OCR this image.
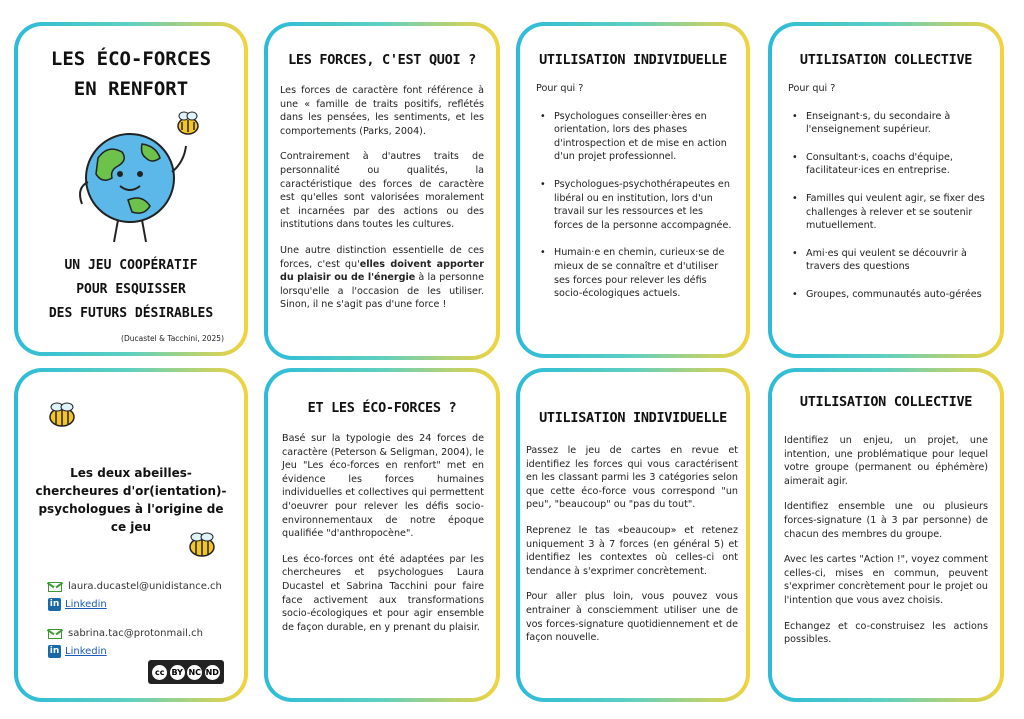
LES ÉCO-FORCES
EN RENFORT
UN JEU COOPÉRATIF
POUR ESQUISSER
DES FUTURS DÉSIRABLES
(Ducastel & Tacchini, 2025)
LES FORCES, C'EST QUOI ?

Les forces de caractère font référence à une « famille de traits positifs, reflétés dans les pensées, les sentiments, et les comportements (Parks, 2004).

Contrairement à d'autres traits de personnalité ou qualités, la caractéristique des forces de caractère est qu'elles sont valorisées moralement et incarnées par des actions ou des institutions dans toutes les cultures.

Une autre distinction essentielle de ces forces, c'est qu'elles doivent apporter du plaisir ou de l'énergie à la personne lorsqu'elle a l'occasion de les utiliser. Sinon, il ne s'agit pas d'une force !

UTILISATION INDIVIDUELLE
Pour qui ?
• Psychologues conseiller·ères en orientation, lors des phases d'introspection et de mise en action d'un projet professionnel.
• Psychologues-psychothérapeutes en libéral ou en institution, lors d'un travail sur les ressources et les forces de la personne accompagnée.
• Humain·e en chemin, curieux·se de mieux de se connaître et d'utiliser ses forces pour relever les défis socio-écologiques actuels.
UTILISATION COLLECTIVE
Pour qui ?
• Enseignant·s, du secondaire à l'enseignement supérieur.
• Consultant·s, coachs d'équipe, facilitateur·ices en entreprise.
• Familles qui veulent agir, se fixer des challenges à relever et se soutenir mutuellement.
• Ami·es qui veulent se découvrir à travers des questions
• Groupes, communautés auto-gérées
Les deux abeilles-chercheures d'or(ientation)-psychologues à l'origine de ce jeu
laura.ducastel@unidistance.ch
in Linkedin
sabrina.tac@protonmail.ch
in Linkedin
cc BY NC ND
ET LES ÉCO-FORCES ?

Basé sur la typologie des 24 forces de caractère (Peterson & Seligman, 2004), le Jeu "Les éco-forces en renfort" met en évidence les forces humaines individuelles et collectives qui permettent d'oeuvrer pour relever les défis socio-environnementaux de notre époque qualifiée "d'anthropocène".

Les éco-forces ont été adaptées par les chercheures et psychologues Laura Ducastel et Sabrina Tacchini pour faire face activement aux transformations socio-écologiques et pour agir ensemble de façon durable, en y prenant du plaisir.

UTILISATION INDIVIDUELLE

Passez le jeu de cartes en revue et identifiez les forces qui vous caractérisent en les classant parmi les 3 catégories selon que cette éco-force vous correspond "un peu", "beaucoup" ou "pas du tout".

Reprenez le tas «beaucoup» et retenez uniquement 3 à 7 forces (en général 5) et identifiez les contextes où celles-ci ont tendance à s'exprimer concrètement.

Pour aller plus loin, vous pouvez vous entrainer à consciemment utiliser une de vos forces-signature quotidiennement et de façon nouvelle.

UTILISATION COLLECTIVE

Identifiez un enjeu, un projet, une intention, une problématique pour lequel votre groupe (permanent ou éphémère) aimerait agir.

Identifiez ensemble une ou plusieurs forces-signature (1 à 3 par personne) de chacun des membres du groupe.

Avec les cartes "Action !", voyez comment celles-ci, mises en commun, peuvent s'exprimer concrètement pour le projet ou l'intention que vous avez choisis.

Echangez et co-construisez les actions possibles.
